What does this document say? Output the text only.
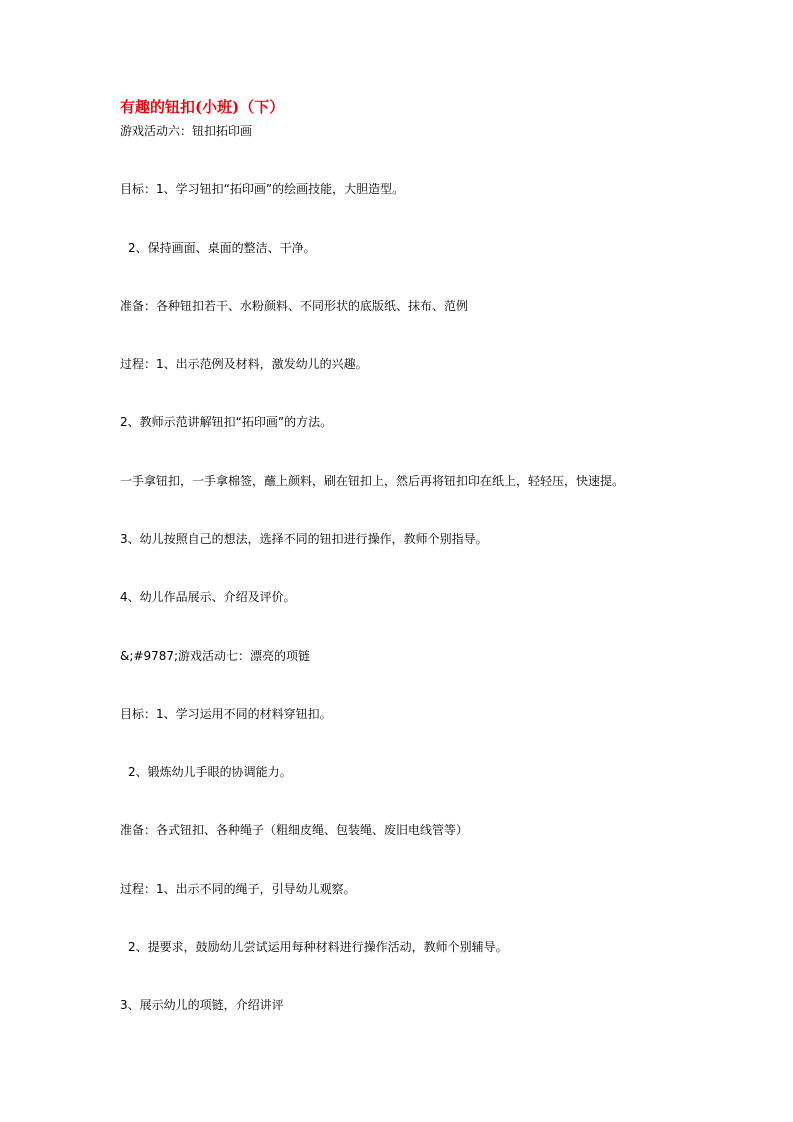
有趣的钮扣(小班)（下）
游戏活动六：钮扣拓印画
目标：1、学习钮扣“拓印画”的绘画技能，大胆造型。
2、保持画面、桌面的整洁、干净。
准备：各种钮扣若干、水粉颜料、不同形状的底版纸、抹布、范例
过程：1、出示范例及材料，激发幼儿的兴趣。
2、教师示范讲解钮扣“拓印画”的方法。
一手拿钮扣，一手拿棉签，蘸上颜料，刷在钮扣上，然后再将钮扣印在纸上，轻轻压，快速提。
3、幼儿按照自己的想法，选择不同的钮扣进行操作，教师个别指导。
4、幼儿作品展示、介绍及评价。
&;#9787;游戏活动七：漂亮的项链
目标：1、学习运用不同的材料穿钮扣。
2、锻炼幼儿手眼的协调能力。
准备：各式钮扣、各种绳子（粗细皮绳、包装绳、废旧电线管等）
过程：1、出示不同的绳子，引导幼儿观察。
2、提要求，鼓励幼儿尝试运用每种材料进行操作活动，教师个别辅导。
3、展示幼儿的项链，介绍讲评
